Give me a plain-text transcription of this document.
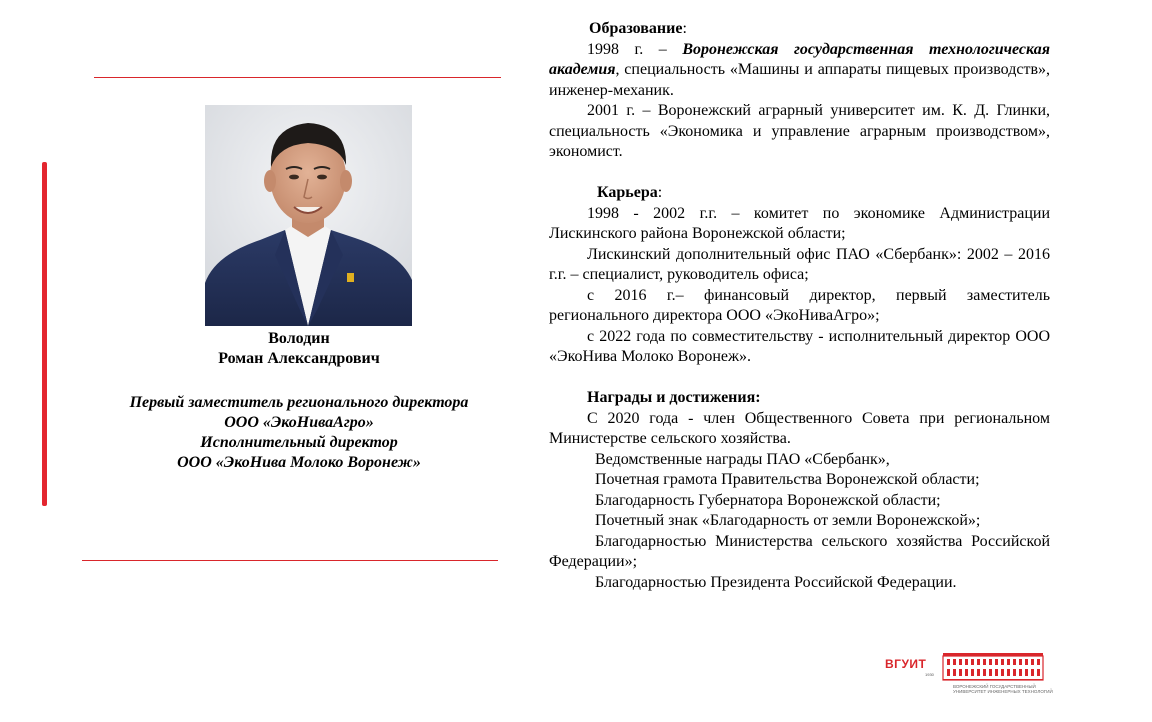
Володин
Роман Александрович
Первый заместитель регионального директора
ООО «ЭкоНиваАгро»
Исполнительный директор
ООО «ЭкоНива Молоко Воронеж»

Образование:

1998 г. – Воронежская государственная технологическая академия, специальность «Машины и аппараты пищевых производств», инженер-механик.

2001 г. – Воронежский аграрный университет им. К. Д. Глинки, специальность «Экономика и управление аграрным производством», экономист.

Карьера:

1998 - 2002 г.г. – комитет по экономике Администрации Лискинского района Воронежской области;

Лискинский дополнительный офис ПАО «Сбербанк»: 2002 – 2016 г.г. – специалист, руководитель офиса;

с 2016 г.– финансовый директор, первый заместитель регионального директора ООО «ЭкоНиваАгро»;

с 2022 года по совместительству - исполнительный директор ООО «ЭкоНива Молоко Воронеж».

Награды и достижения:

С 2020 года - член Общественного Совета при региональном Министерстве сельского хозяйства.

Ведомственные награды ПАО «Сбербанк»,

Почетная грамота Правительства Воронежской области;

Благодарность Губернатора Воронежской области;

Почетный знак «Благодарность от земли Воронежской»;

Благодарностью Министерства сельского хозяйства Российской Федерации»;

Благодарностью Президента Российской Федерации.

ВГУИТ
1930
ВОРОНЕЖСКИЙ ГОСУДАРСТВЕННЫЙ УНИВЕРСИТЕТ ИНЖЕНЕРНЫХ ТЕХНОЛОГИЙ
